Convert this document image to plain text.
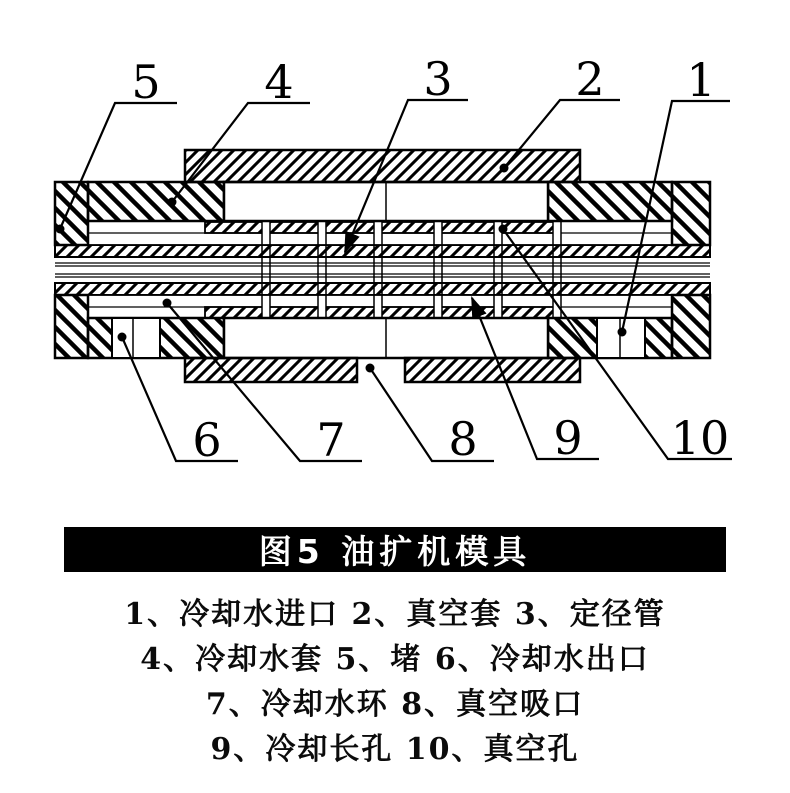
5 4	3	2 1
6 7 8 9 10
图5 油扩机模具
1、冷却水进口 2、真空套 3、定径管
4、冷却水套 5、堵 6、冷却水出口
7、冷却水环 8、真空吸口
9、冷却长孔 10、真空孔
